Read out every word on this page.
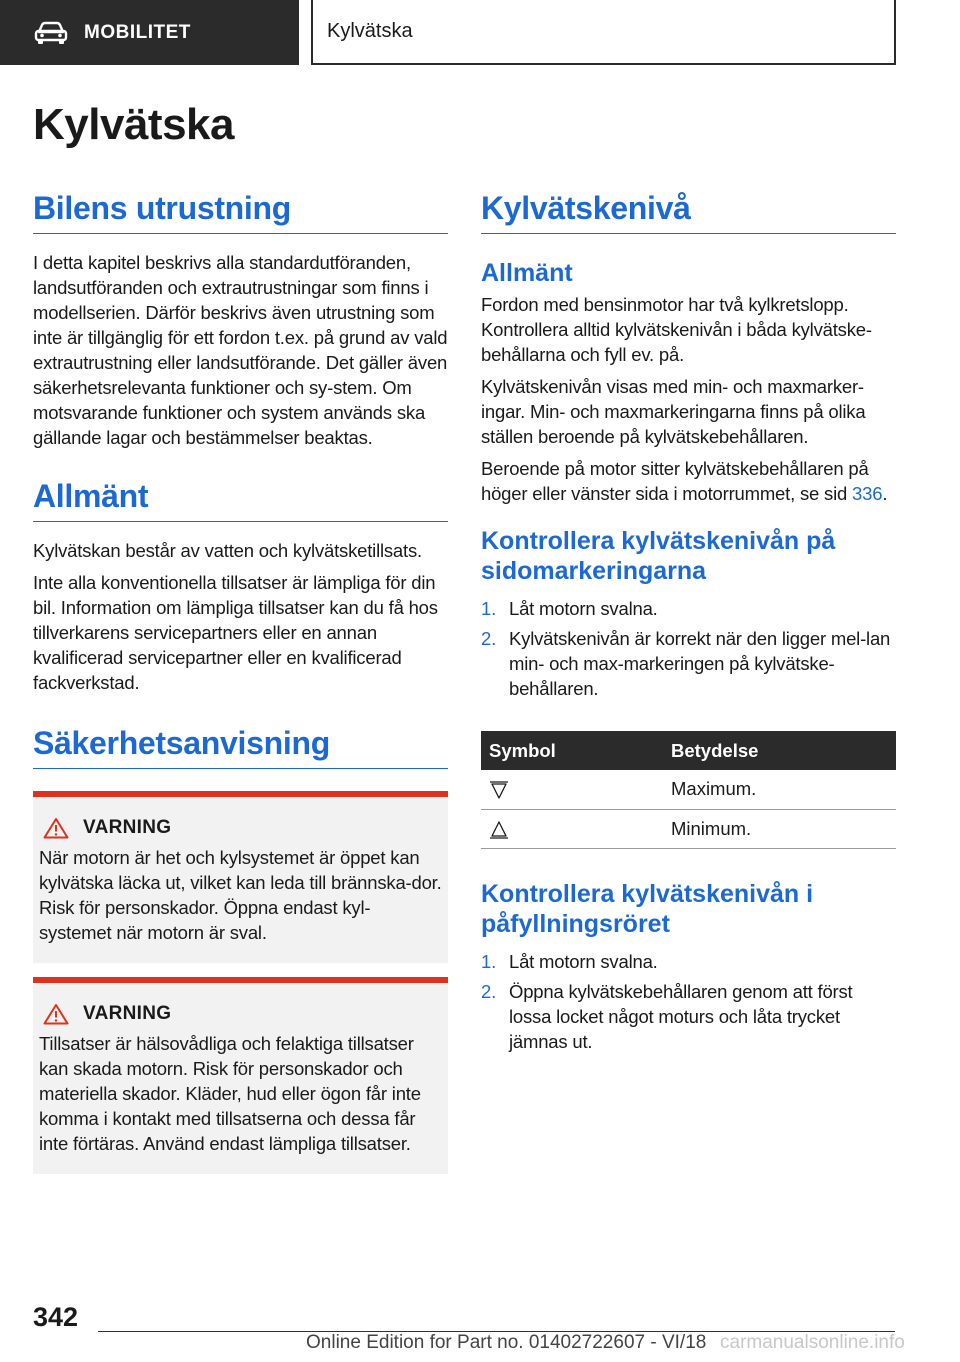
MOBILITET	Kylvätska
Kylvätska
Bilens utrustning

I detta kapitel beskrivs alla standardutföranden, landsutföranden och extrautrustningar som finns i modellserien. Därför beskrivs även utrustning som inte är tillgänglig för ett fordon t.ex. på grund av vald extrautrustning eller landsutförande. Det gäller även säkerhetsrelevanta funktioner och sy-stem. Om motsvarande funktioner och system används ska gällande lagar och bestämmelser beaktas.

Allmänt

Kylvätskan består av vatten och kylvätsketillsats.

Inte alla konventionella tillsatser är lämpliga för din bil. Information om lämpliga tillsatser kan du få hos tillverkarens servicepartners eller en annan kvalificerad servicepartner eller en kvalificerad fackverkstad.

Säkerhetsanvisning
VARNING

När motorn är het och kylsystemet är öppet kan kylvätska läcka ut, vilket kan leda till brännska-dor. Risk för personskador. Öppna endast kyl-systemet när motorn är sval.

VARNING

Tillsatser är hälsovådliga och felaktiga tillsatser kan skada motorn. Risk för personskador och materiella skador. Kläder, hud eller ögon får inte komma i kontakt med tillsatserna och dessa får inte förtäras. Använd endast lämpliga tillsatser.

Kylvätskenivå
Allmänt

Fordon med bensinmotor har två kylkretslopp. Kontrollera alltid kylvätskenivån i båda kylvätske-behållarna och fyll ev. på.

Kylvätskenivån visas med min- och maxmarker-ingar. Min- och maxmarkeringarna finns på olika ställen beroende på kylvätskebehållaren.

Beroende på motor sitter kylvätskebehållaren på höger eller vänster sida i motorrummet, se sid 336.

Kontrollera kylvätskenivån på sidomarkeringarna
1. Låt motorn svalna.
2. Kylvätskenivån är korrekt när den ligger mel-lan min- och max-markeringen på kylvätske-behållaren.
Symbol	Betydelse
	Maximum.
	Minimum.
Kontrollera kylvätskenivån i påfyllningsröret
1. Låt motorn svalna.
2. Öppna kylvätskebehållaren genom att först lossa locket något moturs och låta trycket jämnas ut.
342
Online Edition for Part no. 01402722607 - VI/18 carmanualsonline.info
